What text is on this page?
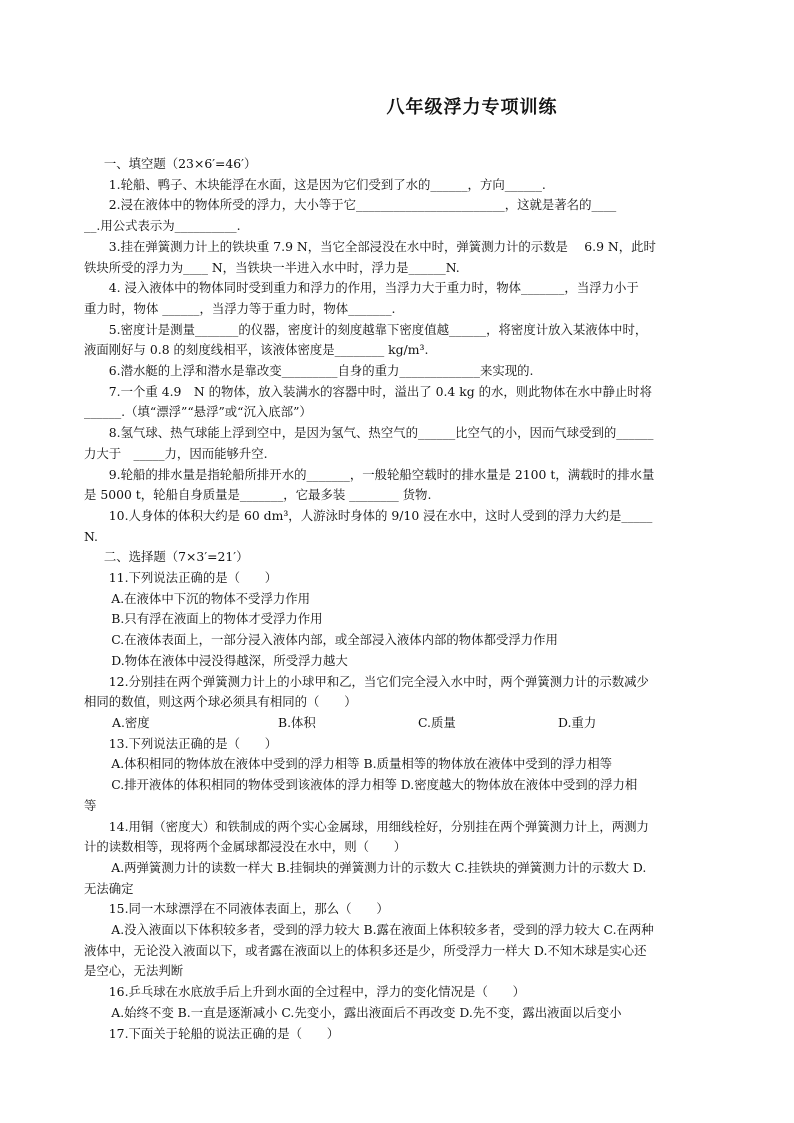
八年级浮力专项训练

一、填空题（23×6′=46′）

1.轮船、鸭子、木块能浮在水面，这是因为它们受到了水的______，方向______.

2.浸在液体中的物体所受的浮力，大小等于它________________________，这就是著名的____

__.用公式表示为__________.

3.挂在弹簧测力计上的铁块重 7.9 N，当它全部浸没在水中时，弹簧测力计的示数是　 6.9 N，此时

铁块所受的浮力为____ N，当铁块一半进入水中时，浮力是______N.

4. 浸入液体中的物体同时受到重力和浮力的作用，当浮力大于重力时，物体_______，当浮力小于

重力时，物体 ______，当浮力等于重力时，物体_______.

5.密度计是测量_______的仪器，密度计的刻度越靠下密度值越______，将密度计放入某液体中时，

液面刚好与 0.8 的刻度线相平，该液体密度是________ kg/m³.

6.潜水艇的上浮和潜水是靠改变_________自身的重力_____________来实现的.

7.一个重 4.9　N 的物体，放入装满水的容器中时，溢出了 0.4 kg 的水，则此物体在水中静止时将

______.（填“漂浮”“悬浮”或“沉入底部”）

8.氢气球、热气球能上浮到空中，是因为氢气、热空气的______比空气的小，因而气球受到的______

力大于　_____力，因而能够升空.

9.轮船的排水量是指轮船所排开水的_______，一般轮船空载时的排水量是 2100 t，满载时的排水量

是 5000 t，轮船自身质量是_______，它最多装 ________ 货物.

10.人身体的体积大约是 60 dm³，人游泳时身体的 9/10 浸在水中，这时人受到的浮力大约是_____

N.

二、选择题（7×3′=21′）

11.下列说法正确的是（　　）

A.在液体中下沉的物体不受浮力作用

B.只有浮在液面上的物体才受浮力作用

C.在液体表面上，一部分浸入液体内部，或全部浸入液体内部的物体都受浮力作用

D.物体在液体中浸没得越深，所受浮力越大

12.分别挂在两个弹簧测力计上的小球甲和乙，当它们完全浸入水中时，两个弹簧测力计的示数减少

相同的数值，则这两个球必须具有相同的（　　）

A.密度	B.体积	C.质量	D.重力

13.下列说法正确的是（　　）

A.体积相同的物体放在液体中受到的浮力相等 B.质量相等的物体放在液体中受到的浮力相等

C.排开液体的体积相同的物体受到该液体的浮力相等 D.密度越大的物体放在液体中受到的浮力相

等

14.用铜（密度大）和铁制成的两个实心金属球，用细线栓好，分别挂在两个弹簧测力计上，两测力

计的读数相等，现将两个金属球都浸没在水中，则（　　）

A.两弹簧测力计的读数一样大 B.挂铜块的弹簧测力计的示数大 C.挂铁块的弹簧测力计的示数大 D.

无法确定

15.同一木球漂浮在不同液体表面上，那么（　　）

A.没入液面以下体积较多者，受到的浮力较大 B.露在液面上体积较多者，受到的浮力较大 C.在两种

液体中，无论没入液面以下，或者露在液面以上的体积多还是少，所受浮力一样大 D.不知木球是实心还

是空心，无法判断

16.乒乓球在水底放手后上升到水面的全过程中，浮力的变化情况是（　　）

A.始终不变 B.一直是逐渐减小 C.先变小，露出液面后不再改变 D.先不变，露出液面以后变小

17.下面关于轮船的说法正确的是（　　）
